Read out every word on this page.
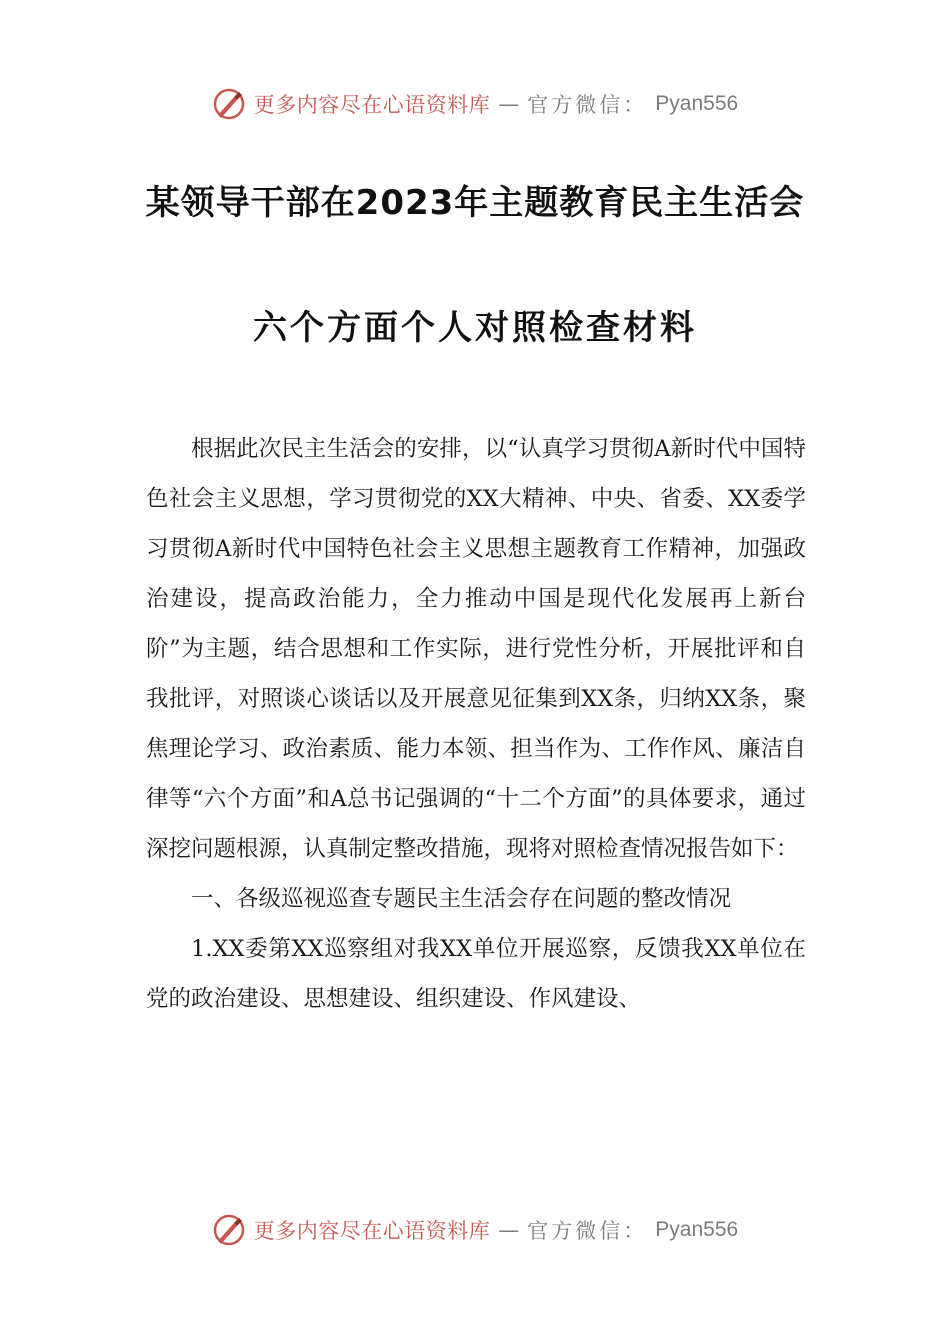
更多内容尽在心语资料库 — 官方微信： Pyan556
某领导干部在2023年主题教育民主生活会
六个方面个人对照检查材料

根据此次民主生活会的安排，以“认真学习贯彻A新时代中国特色社会主义思想，学习贯彻党的XX大精神、中央、省委、XX委学习贯彻A新时代中国特色社会主义思想主题教育工作精神，加强政治建设，提高政治能力，全力推动中国是现代化发展再上新台阶”为主题，结合思想和工作实际，进行党性分析，开展批评和自我批评，对照谈心谈话以及开展意见征集到XX条，归纳XX条，聚焦理论学习、政治素质、能力本领、担当作为、工作作风、廉洁自律等“六个方面”和A总书记强调的“十二个方面”的具体要求，通过深挖问题根源，认真制定整改措施，现将对照检查情况报告如下：

一、各级巡视巡查专题民主生活会存在问题的整改情况

1.XX委第XX巡察组对我XX单位开展巡察，反馈我XX单位在党的政治建设、思想建设、组织建设、作风建设、

更多内容尽在心语资料库 — 官方微信： Pyan556
